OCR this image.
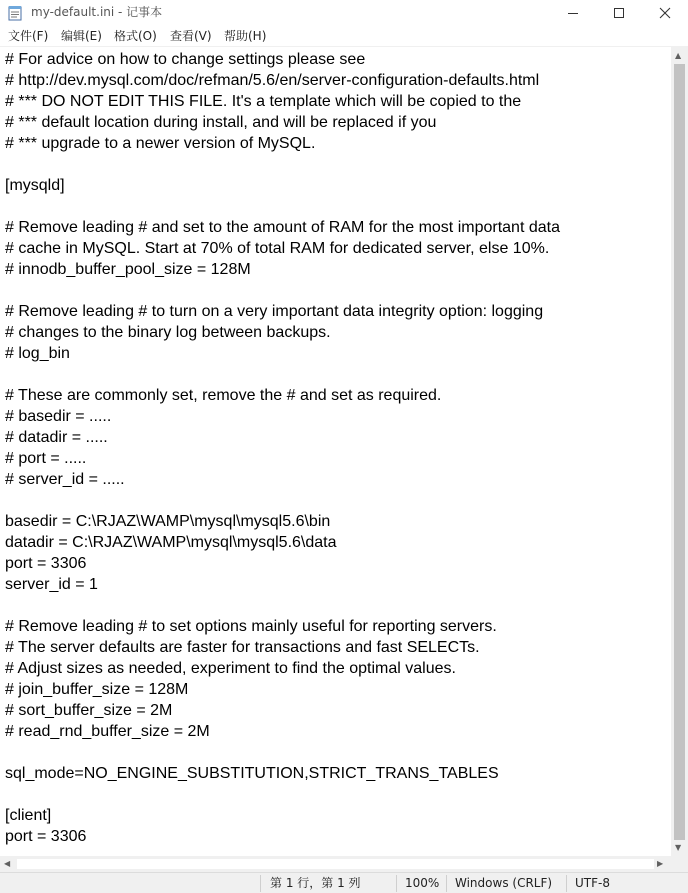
my-default.ini - 记事本
文件(F) 编辑(E) 格式(O) 查看(V) 帮助(H)
# For advice on how to change settings please see
# http://dev.mysql.com/doc/refman/5.6/en/server-configuration-defaults.html
# *** DO NOT EDIT THIS FILE. It's a template which will be copied to the
# *** default location during install, and will be replaced if you
# *** upgrade to a newer version of MySQL.

[mysqld]

# Remove leading # and set to the amount of RAM for the most important data
# cache in MySQL. Start at 70% of total RAM for dedicated server, else 10%.
# innodb_buffer_pool_size = 128M

# Remove leading # to turn on a very important data integrity option: logging
# changes to the binary log between backups.
# log_bin

# These are commonly set, remove the # and set as required.
# basedir = .....
# datadir = .....
# port = .....
# server_id = .....

basedir = C:\RJAZ\WAMP\mysql\mysql5.6\bin
datadir = C:\RJAZ\WAMP\mysql\mysql5.6\data
port = 3306
server_id = 1

# Remove leading # to set options mainly useful for reporting servers.
# The server defaults are faster for transactions and fast SELECTs.
# Adjust sizes as needed, experiment to find the optimal values.
# join_buffer_size = 128M
# sort_buffer_size = 2M
# read_rnd_buffer_size = 2M

sql_mode=NO_ENGINE_SUBSTITUTION,STRICT_TRANS_TABLES

[client]
port = 3306
▲
▼
◀	▶
第 1 行，第 1 列	100% Windows (CRLF) UTF-8
